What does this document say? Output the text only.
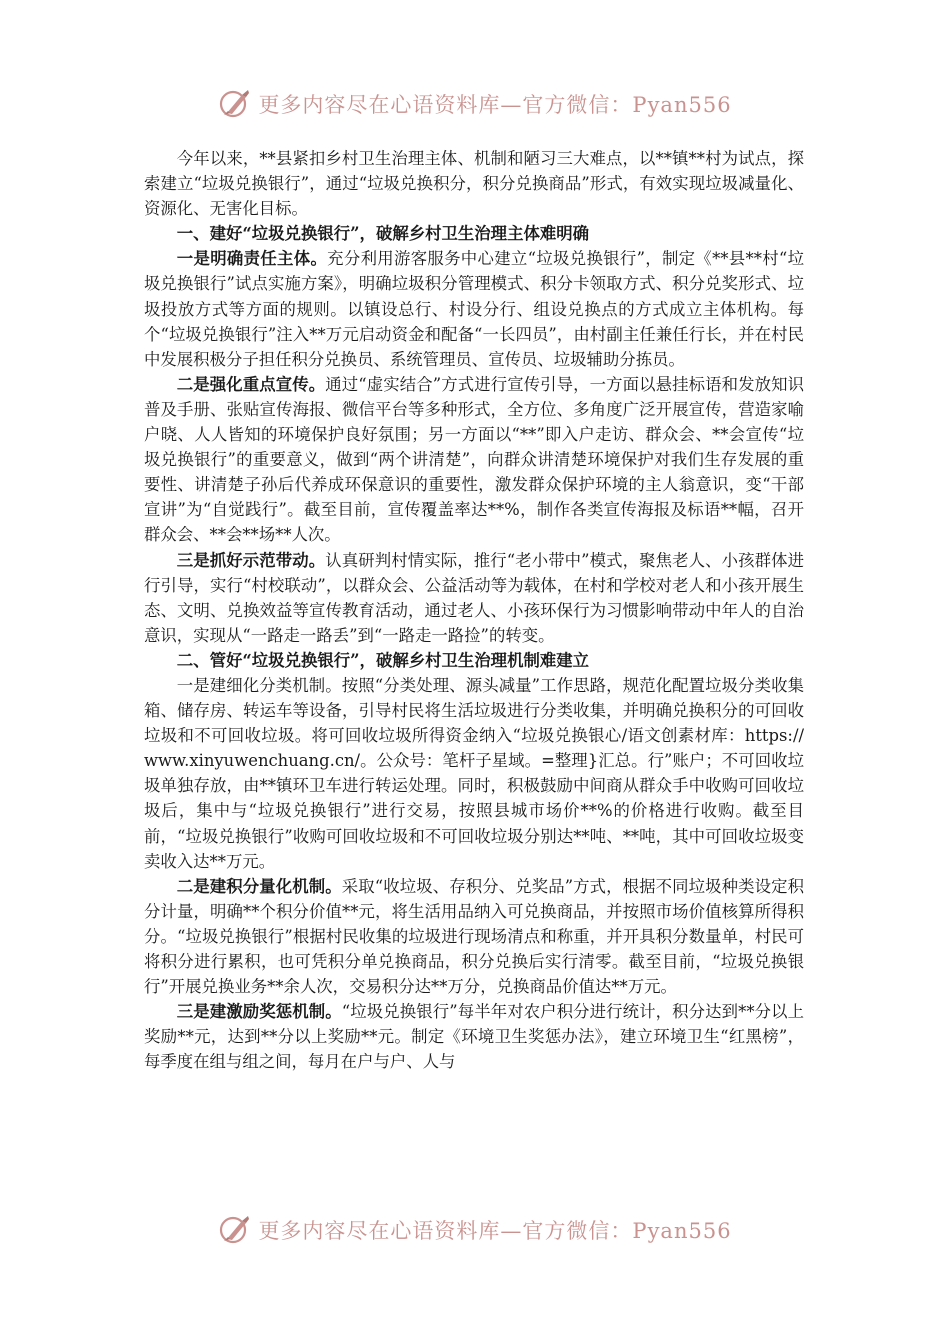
更多内容尽在心语资料库—官方微信：Pyan556

今年以来，**县紧扣乡村卫生治理主体、机制和陋习三大难点，以**镇**村为试点，探索建立“垃圾兑换银行”，通过“垃圾兑换积分，积分兑换商品”形式，有效实现垃圾减量化、资源化、无害化目标。

一、建好“垃圾兑换银行”，破解乡村卫生治理主体难明确

一是明确责任主体。充分利用游客服务中心建立“垃圾兑换银行”，制定《**县**村“垃圾兑换银行”试点实施方案》，明确垃圾积分管理模式、积分卡领取方式、积分兑奖形式、垃圾投放方式等方面的规则。以镇设总行、村设分行、组设兑换点的方式成立主体机构。每个“垃圾兑换银行”注入**万元启动资金和配备“一长四员”，由村副主任兼任行长，并在村民中发展积极分子担任积分兑换员、系统管理员、宣传员、垃圾辅助分拣员。

二是强化重点宣传。通过“虚实结合”方式进行宣传引导，一方面以悬挂标语和发放知识普及手册、张贴宣传海报、微信平台等多种形式，全方位、多角度广泛开展宣传，营造家喻户晓、人人皆知的环境保护良好氛围；另一方面以“**”即入户走访、群众会、**会宣传“垃圾兑换银行”的重要意义，做到“两个讲清楚”，向群众讲清楚环境保护对我们生存发展的重要性、讲清楚子孙后代养成环保意识的重要性，激发群众保护环境的主人翁意识，变“干部宣讲”为“自觉践行”。截至目前，宣传覆盖率达**%，制作各类宣传海报及标语**幅，召开群众会、**会**场**人次。

三是抓好示范带动。认真研判村情实际，推行“老小带中”模式，聚焦老人、小孩群体进行引导，实行“村校联动”，以群众会、公益活动等为载体，在村和学校对老人和小孩开展生态、文明、兑换效益等宣传教育活动，通过老人、小孩环保行为习惯影响带动中年人的自治意识，实现从“一路走一路丢”到“一路走一路捡”的转变。

二、管好“垃圾兑换银行”，破解乡村卫生治理机制难建立

一是建细化分类机制。按照“分类处理、源头减量”工作思路，规范化配置垃圾分类收集箱、储存房、转运车等设备，引导村民将生活垃圾进行分类收集，并明确兑换积分的可回收垃圾和不可回收垃圾。将可回收垃圾所得资金纳入“垃圾兑换银心/语文创素材库：https://www.xinyuwenchuang.cn/。公众号：笔杆子星域。=整理}汇总。行”账户；不可回收垃圾单独存放，由**镇环卫车进行转运处理。同时，积极鼓励中间商从群众手中收购可回收垃圾后，集中与“垃圾兑换银行”进行交易，按照县城市场价**%的价格进行收购。截至目前，“垃圾兑换银行”收购可回收垃圾和不可回收垃圾分别达**吨、**吨，其中可回收垃圾变卖收入达**万元。

二是建积分量化机制。采取“收垃圾、存积分、兑奖品”方式，根据不同垃圾种类设定积分计量，明确**个积分价值**元，将生活用品纳入可兑换商品，并按照市场价值核算所得积分。“垃圾兑换银行”根据村民收集的垃圾进行现场清点和称重，并开具积分数量单，村民可将积分进行累积，也可凭积分单兑换商品，积分兑换后实行清零。截至目前，“垃圾兑换银行”开展兑换业务**余人次，交易积分达**万分，兑换商品价值达**万元。

三是建激励奖惩机制。“垃圾兑换银行”每半年对农户积分进行统计，积分达到**分以上奖励**元，达到**分以上奖励**元。制定《环境卫生奖惩办法》，建立环境卫生“红黑榜”，每季度在组与组之间，每月在户与户、人与

更多内容尽在心语资料库—官方微信：Pyan556
